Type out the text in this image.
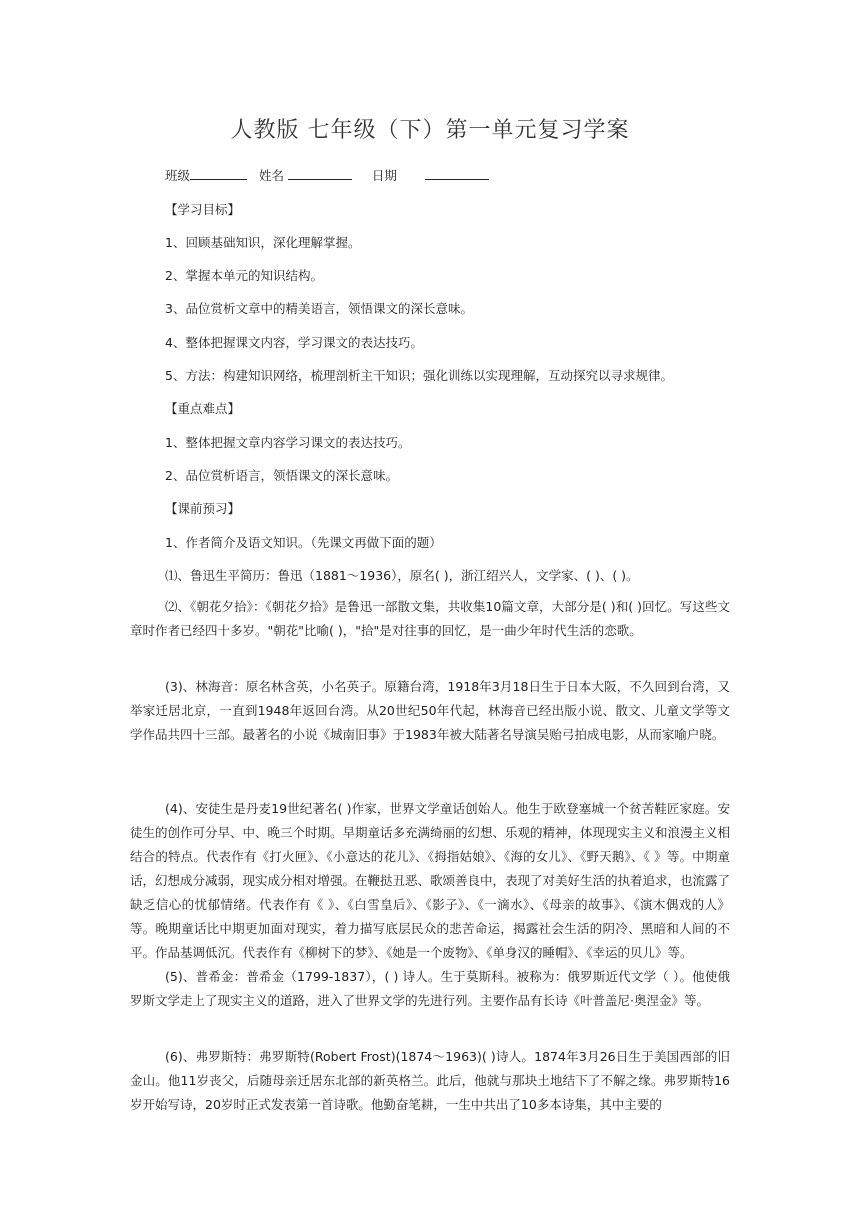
人教版 七年级（下）第一单元复习学案
班级	姓名	日期
【学习目标】
1、回顾基础知识，深化理解掌握。
2、掌握本单元的知识结构。
3、品位赏析文章中的精美语言，领悟课文的深长意味。
4、整体把握课文内容，学习课文的表达技巧。
5、方法：构建知识网络，梳理剖析主干知识；强化训练以实现理解，互动探究以寻求规律。
【重点难点】
1、整体把握文章内容学习课文的表达技巧。
2、品位赏析语言，领悟课文的深长意味。
【课前预习】
1、作者简介及语文知识。（先课文再做下面的题）
⑴、鲁迅生平简历：鲁迅（1881～1936），原名( )，浙江绍兴人，文学家、( )、( )。
⑵、《朝花夕拾》：《朝花夕拾》是鲁迅一部散文集，共收集10篇文章，大部分是( )和( )回忆。写这些文章时作者已经四十多岁。"朝花"比喻( )，"拾"是对往事的回忆，是一曲少年时代生活的恋歌。
(3)、林海音：原名林含英，小名英子。原籍台湾，1918年3月18日生于日本大阪，不久回到台湾，又举家迁居北京，一直到1948年返回台湾。从20世纪50年代起，林海音已经出版小说、散文、儿童文学等文学作品共四十三部。最著名的小说《城南旧事》于1983年被大陆著名导演吴贻弓拍成电影，从而家喻户晓。
(4)、安徒生是丹麦19世纪著名( )作家，世界文学童话创始人。他生于欧登塞城一个贫苦鞋匠家庭。安徒生的创作可分早、中、晚三个时期。早期童话多充满绮丽的幻想、乐观的精神，体现现实主义和浪漫主义相结合的特点。代表作有《打火匣》、《小意达的花儿》、《拇指姑娘》、《海的女儿》、《野天鹅》、《 》等。中期童话，幻想成分减弱，现实成分相对增强。在鞭挞丑恶、歌颂善良中，表现了对美好生活的执着追求，也流露了缺乏信心的忧郁情绪。代表作有《 》、《白雪皇后》、《影子》、《一滴水》、《母亲的故事》、《演木偶戏的人》等。晚期童话比中期更加面对现实，着力描写底层民众的悲苦命运，揭露社会生活的阴冷、黑暗和人间的不平。作品基调低沉。代表作有《柳树下的梦》、《她是一个废物》、《单身汉的睡帽》、《幸运的贝儿》等。
(5)、普希金：普希金（1799-1837），( ) 诗人。生于莫斯科。被称为：俄罗斯近代文学（ ）。他使俄罗斯文学走上了现实主义的道路，进入了世界文学的先进行列。主要作品有长诗《叶普盖尼·奥涅金》等。
(6)、弗罗斯特：弗罗斯特(Robert Frost)(1874～1963)( )诗人。1874年3月26日生于美国西部的旧金山。他11岁丧父，后随母亲迁居东北部的新英格兰。此后，他就与那块土地结下了不解之缘。弗罗斯特16岁开始写诗，20岁时正式发表第一首诗歌。他勤奋笔耕，一生中共出了10多本诗集，其中主要的
